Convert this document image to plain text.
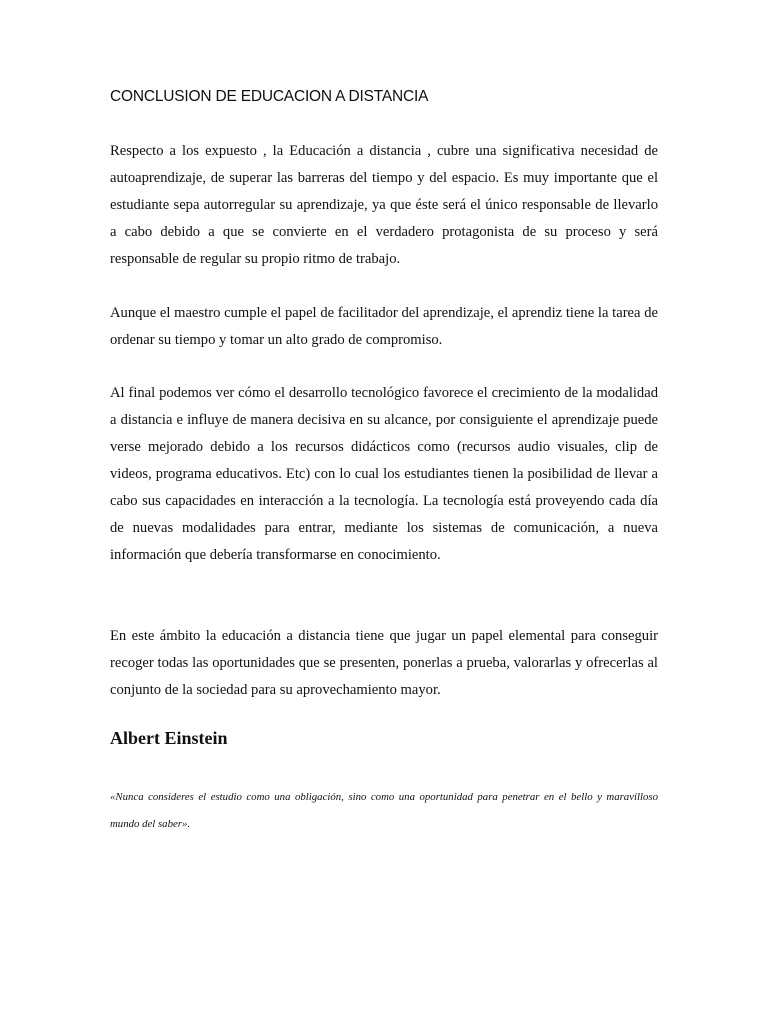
CONCLUSION DE EDUCACION A DISTANCIA

Respecto a los expuesto , la Educación a distancia , cubre una significativa necesidad de autoaprendizaje, de superar las barreras del tiempo y del espacio. Es muy importante que el estudiante sepa autorregular su aprendizaje, ya que éste será el único responsable de llevarlo a cabo debido a que se convierte en el verdadero protagonista de su proceso y será responsable de regular su propio ritmo de trabajo.

Aunque el maestro cumple el papel de facilitador del aprendizaje, el aprendiz tiene la tarea de ordenar su tiempo y tomar un alto grado de compromiso.

Al final podemos ver cómo el desarrollo tecnológico favorece el crecimiento de la modalidad a distancia e influye de manera decisiva en su alcance, por consiguiente el aprendizaje puede verse mejorado debido a los recursos didácticos como (recursos audio visuales, clip de videos, programa educativos. Etc) con lo cual los estudiantes tienen la posibilidad de llevar a cabo sus capacidades en interacción a la tecnología. La tecnología está proveyendo cada día de nuevas modalidades para entrar, mediante los sistemas de comunicación, a nueva información que debería transformarse en conocimiento.

En este ámbito la educación a distancia tiene que jugar un papel elemental para conseguir recoger todas las oportunidades que se presenten, ponerlas a prueba, valorarlas y ofrecerlas al conjunto de la sociedad para su aprovechamiento mayor.

Albert Einstein

«Nunca consideres el estudio como una obligación, sino como una oportunidad para penetrar en el bello y maravilloso mundo del saber».
